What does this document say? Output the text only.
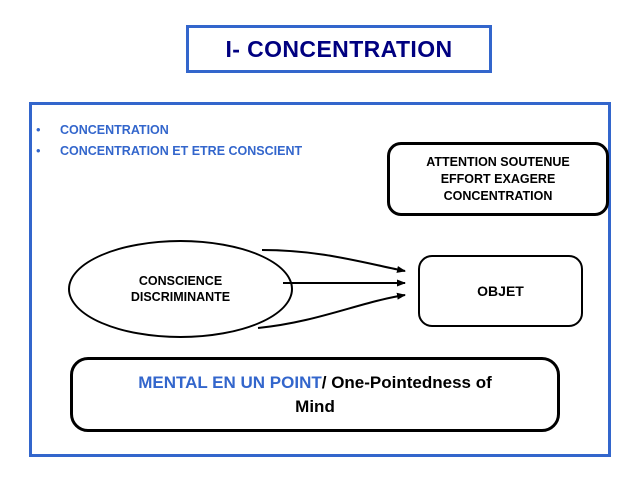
I- CONCENTRATION
•	CONCENTRATION
•	CONCENTRATION ET ETRE CONSCIENT
ATTENTION SOUTENUE
EFFORT EXAGERE
CONCENTRATION
CONSCIENCE
DISCRIMINANTE	OBJET
MENTAL EN UN POINT/ One-Pointedness of
Mind
